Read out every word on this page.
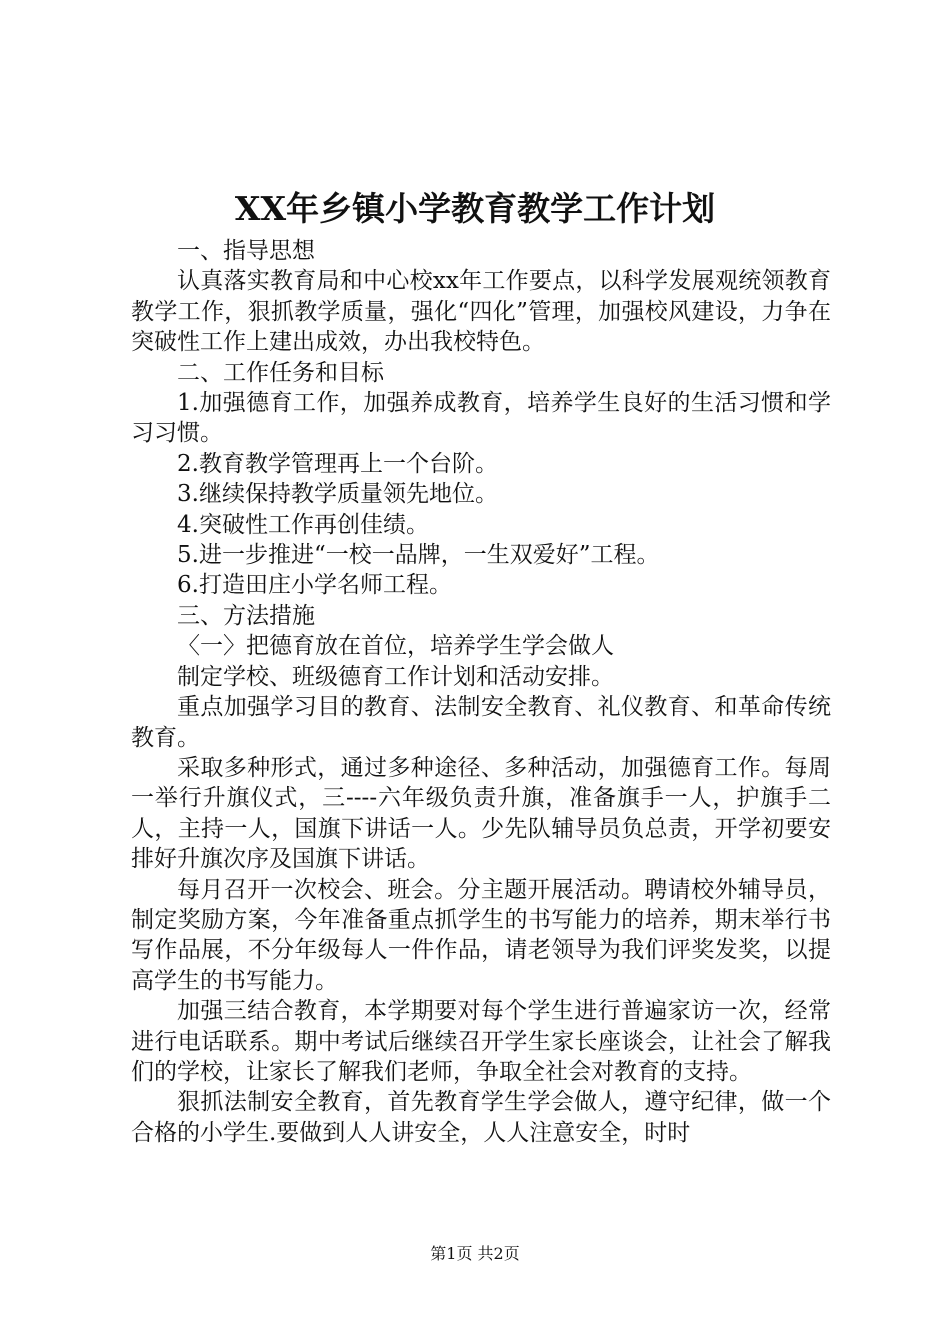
XX年乡镇小学教育教学工作计划

一、指导思想

认真落实教育局和中心校xx年工作要点，以科学发展观统领教育教学工作，狠抓教学质量，强化“四化”管理，加强校风建设，力争在突破性工作上建出成效，办出我校特色。

二、工作任务和目标

1.加强德育工作，加强养成教育，培养学生良好的生活习惯和学习习惯。

2.教育教学管理再上一个台阶。

3.继续保持教学质量领先地位。

4.突破性工作再创佳绩。

5.进一步推进“一校一品牌，一生双爱好”工程。

6.打造田庄小学名师工程。

三、方法措施

〈一〉把德育放在首位，培养学生学会做人

制定学校、班级德育工作计划和活动安排。

重点加强学习目的教育、法制安全教育、礼仪教育、和革命传统教育。

采取多种形式，通过多种途径、多种活动，加强德育工作。每周一举行升旗仪式，三----六年级负责升旗，准备旗手一人，护旗手二人，主持一人，国旗下讲话一人。少先队辅导员负总责，开学初要安排好升旗次序及国旗下讲话。

每月召开一次校会、班会。分主题开展活动。聘请校外辅导员，制定奖励方案，今年准备重点抓学生的书写能力的培养，期末举行书写作品展，不分年级每人一件作品，请老领导为我们评奖发奖，以提高学生的书写能力。

加强三结合教育，本学期要对每个学生进行普遍家访一次，经常进行电话联系。期中考试后继续召开学生家长座谈会，让社会了解我们的学校，让家长了解我们老师，争取全社会对教育的支持。

狠抓法制安全教育，首先教育学生学会做人，遵守纪律，做一个合格的小学生.要做到人人讲安全，人人注意安全，时时

第1页 共2页
